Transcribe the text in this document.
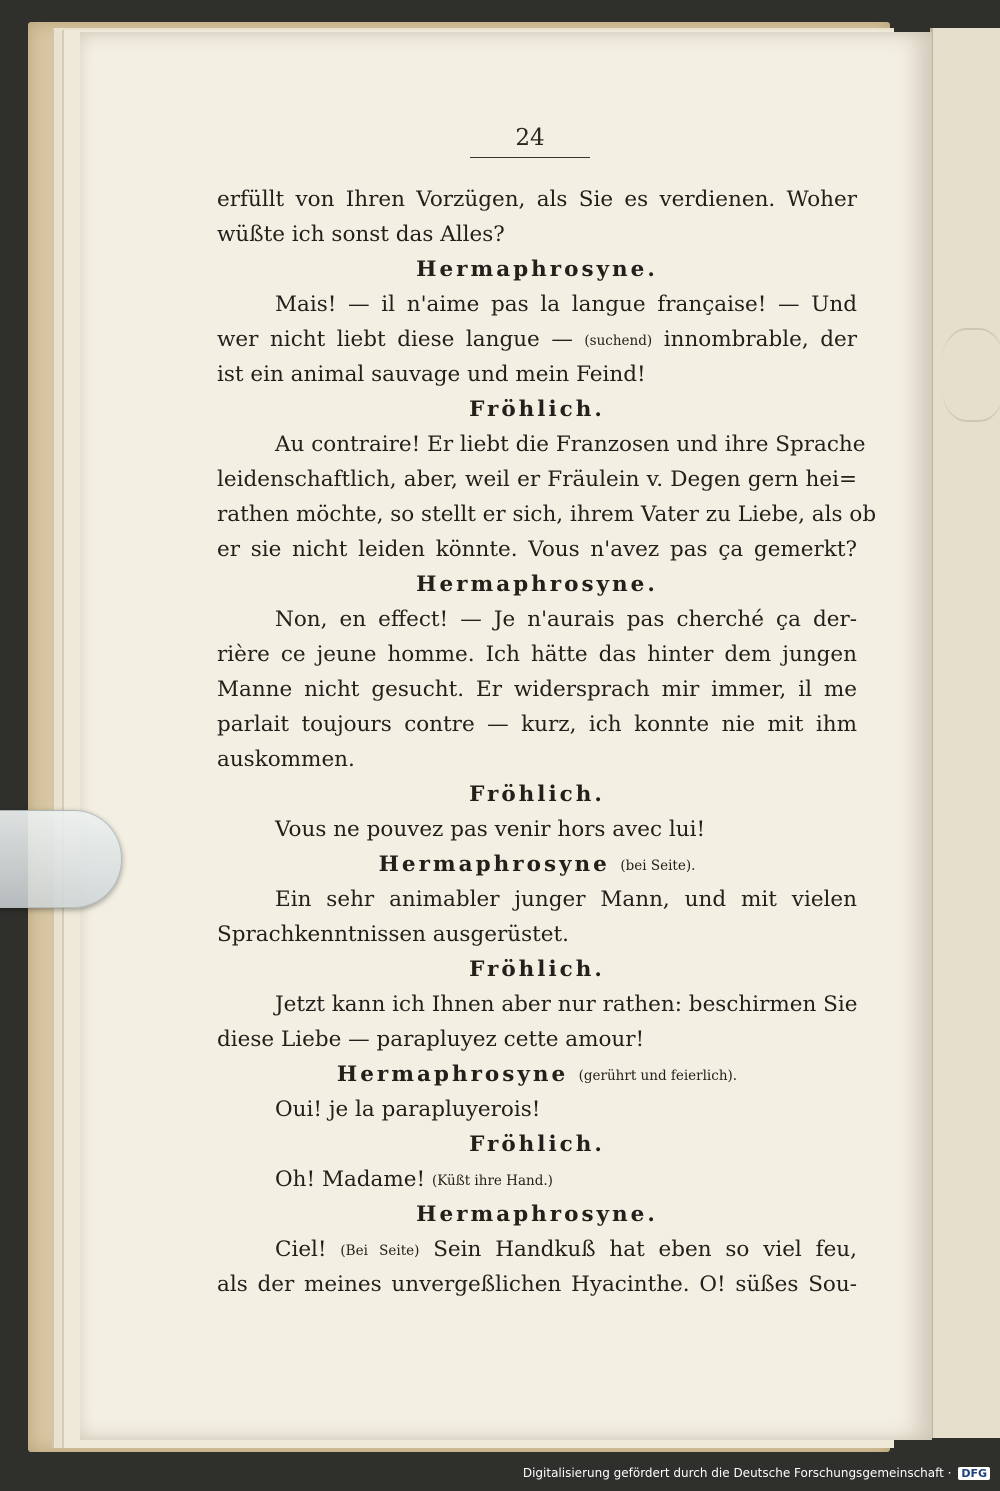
24
erfüllt von Ihren Vorzügen, als Sie es verdienen. Woher
wüßte ich sonst das Alles?
Hermaphrosyne.
Mais! — il n'aime pas la langue française! — Und
wer nicht liebt diese langue — (suchend) innombrable, der
ist ein animal sauvage und mein Feind!
Fröhlich.
Au contraire! Er liebt die Franzosen und ihre Sprache
leidenschaftlich, aber, weil er Fräulein v. Degen gern hei=
rathen möchte, so stellt er sich, ihrem Vater zu Liebe, als ob
er sie nicht leiden könnte. Vous n'avez pas ça gemerkt?
Hermaphrosyne.
Non, en effect! — Je n'aurais pas cherché ça der-
rière ce jeune homme. Ich hätte das hinter dem jungen
Manne nicht gesucht. Er widersprach mir immer, il me
parlait toujours contre — kurz, ich konnte nie mit ihm
auskommen.
Fröhlich.
Vous ne pouvez pas venir hors avec lui!
Hermaphrosyne (bei Seite).
Ein sehr animabler junger Mann, und mit vielen
Sprachkenntnissen ausgerüstet.
Fröhlich.
Jetzt kann ich Ihnen aber nur rathen: beschirmen Sie
diese Liebe — parapluyez cette amour!
Hermaphrosyne (gerührt und feierlich).
Oui! je la parapluyerois!
Fröhlich.
Oh! Madame! (Küßt ihre Hand.)
Hermaphrosyne.
Ciel! (Bei Seite) Sein Handkuß hat eben so viel feu,
als der meines unvergeßlichen Hyacinthe. O! süßes Sou-
Digitalisierung gefördert durch die Deutsche Forschungsgemeinschaft · DFG
